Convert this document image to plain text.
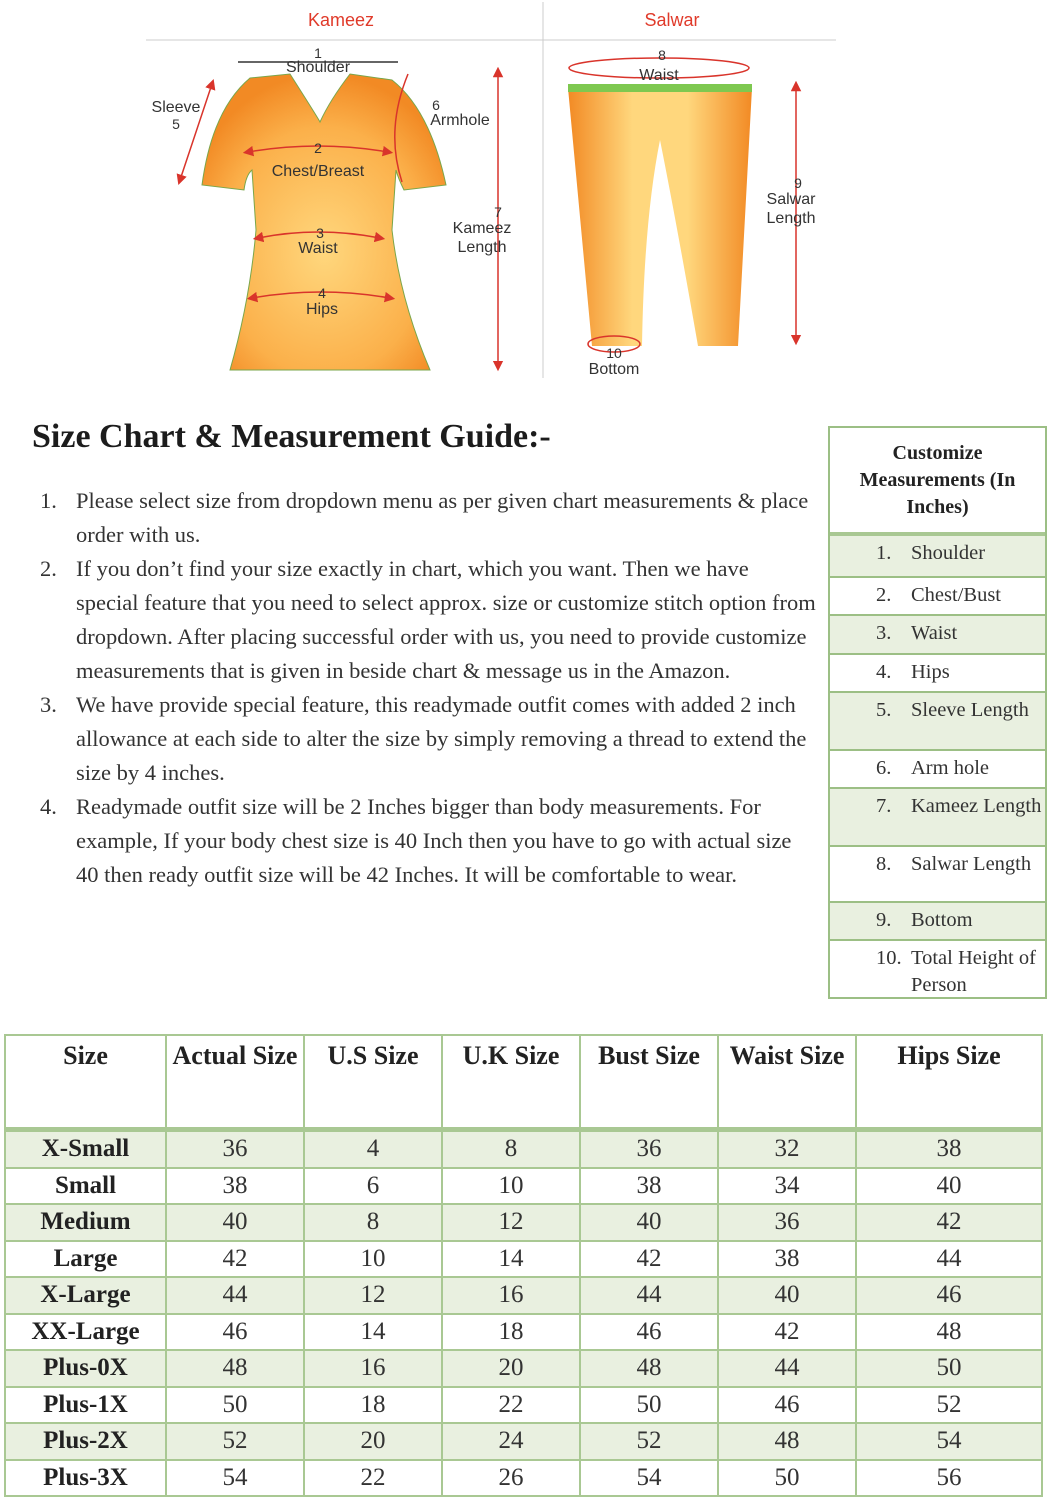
Kameez	Salwar
1
Shoulder
2
Chest/Breast
3
Waist
4
Hips
Sleeve
5
6
Armhole
7
Kameez
Length
8
Waist
9
Salwar
Length
10
Bottom
Size Chart & Measurement Guide:-
1. Please select size from dropdown menu as per given chart measurements & place order with us.
2. If you don’t find your size exactly in chart, which you want. Then we have special feature that you need to select approx. size or customize stitch option from dropdown. After placing successful order with us, you need to provide customize measurements that is given in beside chart & message us in the Amazon.
3. We have provide special feature, this readymade outfit comes with added 2 inch allowance at each side to alter the size by simply removing a thread to extend the size by 4 inches.
4. Readymade outfit size will be 2 Inches bigger than body measurements. For example, If your body chest size is 40 Inch then you have to go with actual size 40 then ready outfit size will be 42 Inches. It will be comfortable to wear.
Customize Measurements (In Inches)
1. Shoulder
2. Chest/Bust
3. Waist
4. Hips
5. Sleeve Length
6. Arm hole
7. Kameez Length
8. Salwar Length
9. Bottom
10. Total Height of Person
Size	Actual Size	U.S Size	U.K Size	Bust Size	Waist Size	Hips Size
X-Small	36	4	8	36	32	38
Small	38	6	10	38	34	40
Medium	40	8	12	40	36	42
Large	42	10	14	42	38	44
X-Large	44	12	16	44	40	46
XX-Large	46	14	18	46	42	48
Plus-0X	48	16	20	48	44	50
Plus-1X	50	18	22	50	46	52
Plus-2X	52	20	24	52	48	54
Plus-3X	54	22	26	54	50	56
